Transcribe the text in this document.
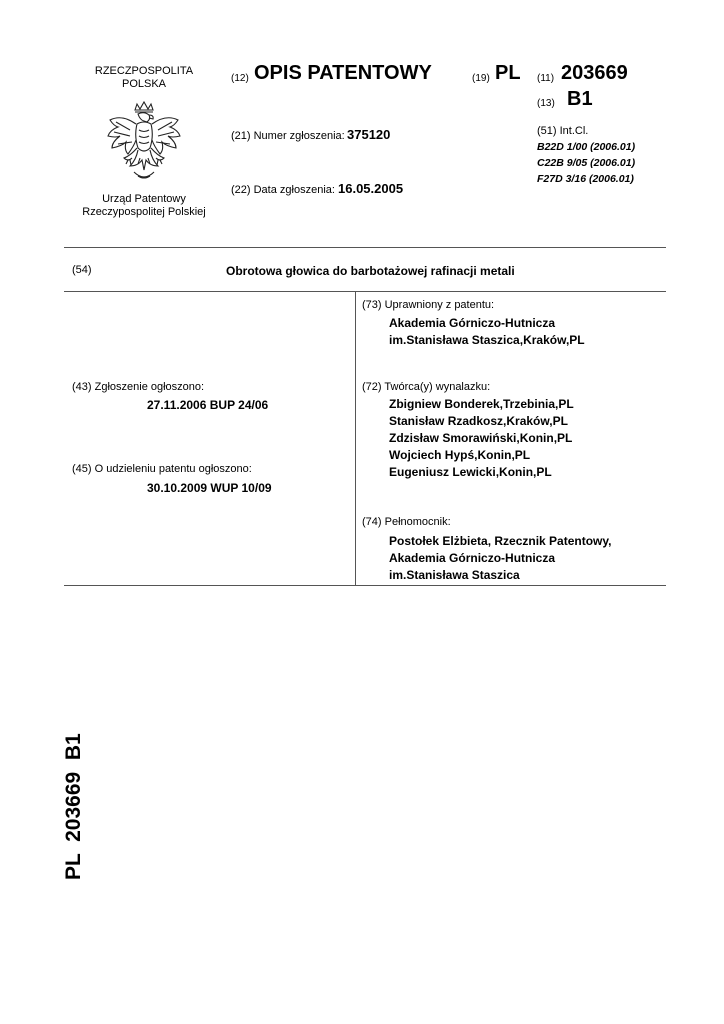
RZECZPOSPOLITA
POLSKA
Urząd Patentowy
Rzeczypospolitej Polskiej
(12) OPIS PATENTOWY	(19) PL (11) 203669
(13) B1
(21) Numer zgłoszenia: 375120
(22) Data zgłoszenia: 16.05.2005
(51) Int.Cl.
B22D 1/00 (2006.01)
C22B 9/05 (2006.01)
F27D 3/16 (2006.01)
(54)	Obrotowa głowica do barbotażowej rafinacji metali
(43) Zgłoszenie ogłoszono:
27.11.2006 BUP 24/06
(45) O udzieleniu patentu ogłoszono:
30.10.2009 WUP 10/09
(73) Uprawniony z patentu:
Akademia Górniczo-Hutnicza
im.Stanisława Staszica,Kraków,PL
(72) Twórca(y) wynalazku:
Zbigniew Bonderek,Trzebinia,PL
Stanisław Rzadkosz,Kraków,PL
Zdzisław Smorawiński,Konin,PL
Wojciech Hypś,Konin,PL
Eugeniusz Lewicki,Konin,PL
(74) Pełnomocnik:
Postołek Elżbieta, Rzecznik Patentowy,
Akademia Górniczo-Hutnicza
im.Stanisława Staszica
PL  203669  B1
